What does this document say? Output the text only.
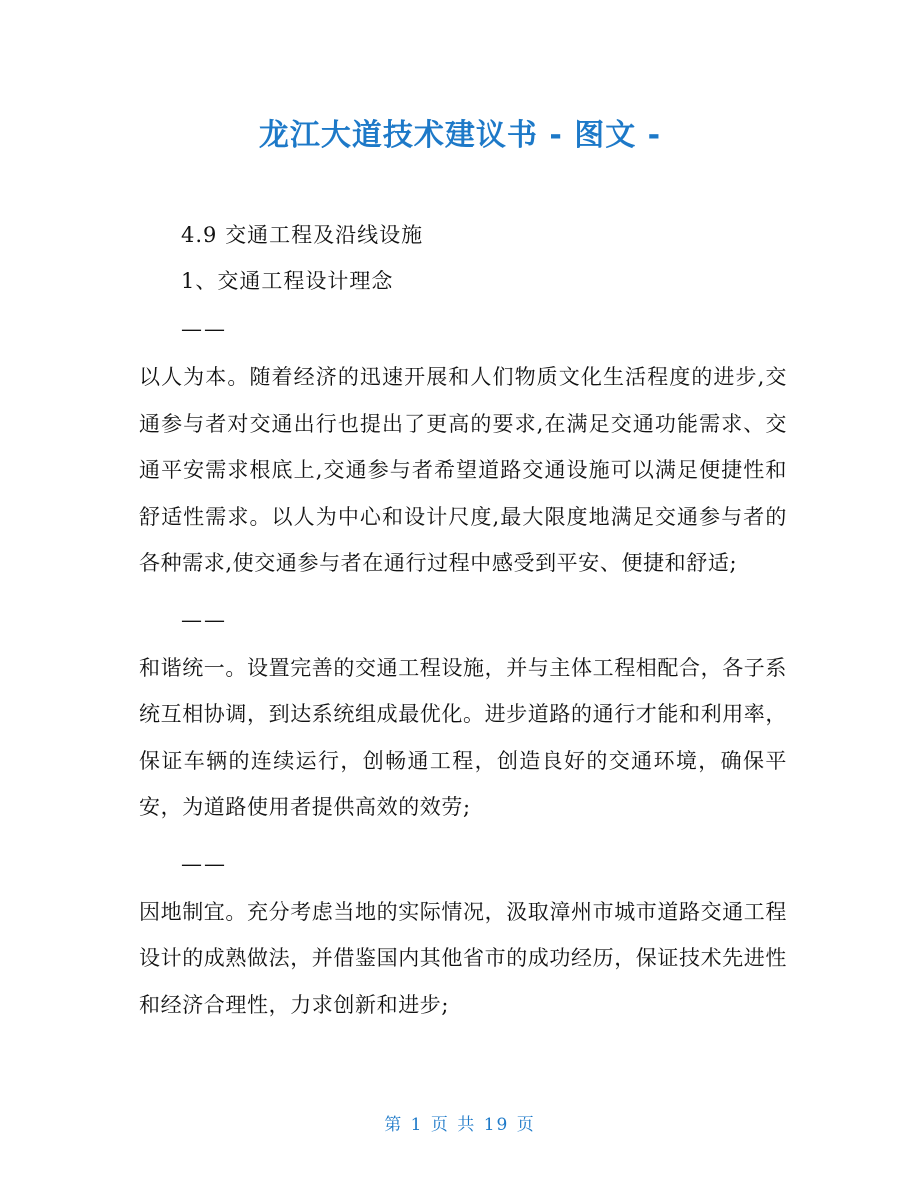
龙江大道技术建议书 - 图文 -

4.9 交通工程及沿线设施

1、交通工程设计理念

——

以人为本。随着经济的迅速开展和人们物质文化生活程度的进步,交通参与者对交通出行也提出了更高的要求,在满足交通功能需求、交通平安需求根底上,交通参与者希望道路交通设施可以满足便捷性和舒适性需求。以人为中心和设计尺度,最大限度地满足交通参与者的各种需求,使交通参与者在通行过程中感受到平安、便捷和舒适;

——

和谐统一。设置完善的交通工程设施，并与主体工程相配合，各子系统互相协调，到达系统组成最优化。进步道路的通行才能和利用率，保证车辆的连续运行，创畅通工程，创造良好的交通环境，确保平安，为道路使用者提供高效的效劳;

——

因地制宜。充分考虑当地的实际情况，汲取漳州市城市道路交通工程设计的成熟做法，并借鉴国内其他省市的成功经历，保证技术先进性和经济合理性，力求创新和进步;

第 1 页 共 19 页
